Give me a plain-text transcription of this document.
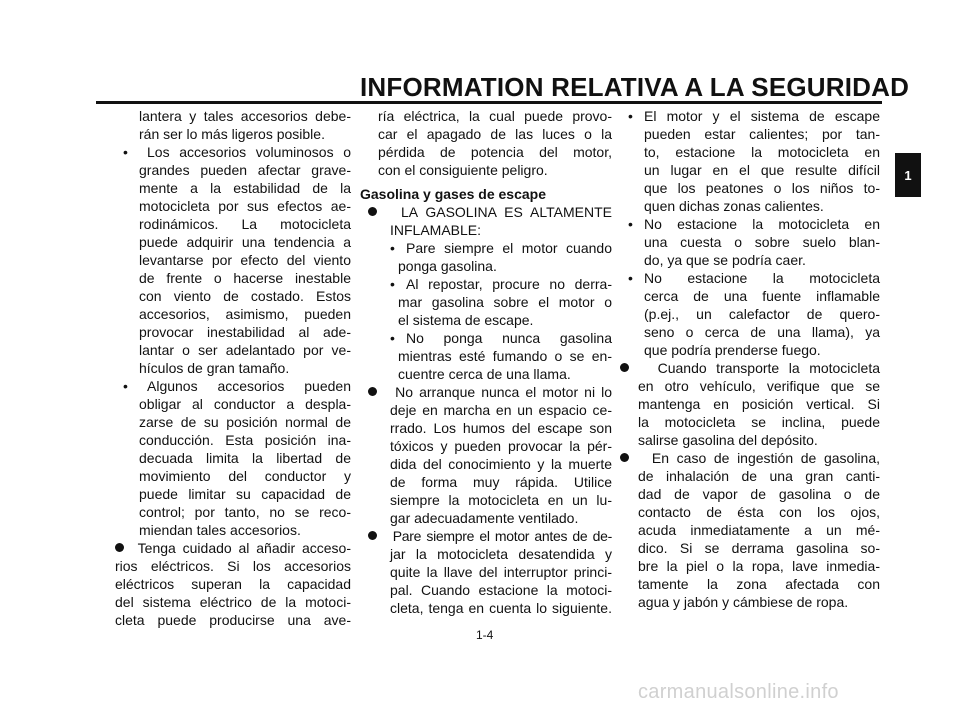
INFORMATION RELATIVA A LA SEGURIDAD
1
lantera y tales accesorios debe-
rán ser lo más ligeros posible.
• Los accesorios voluminosos o
grandes pueden afectar grave-
mente a la estabilidad de la
motocicleta por sus efectos ae-
rodinámicos. La motocicleta
puede adquirir una tendencia a
levantarse por efecto del viento
de frente o hacerse inestable
con viento de costado. Estos
accesorios, asimismo, pueden
provocar inestabilidad al ade-
lantar o ser adelantado por ve-
hículos de gran tamaño.
• Algunos accesorios pueden
obligar al conductor a despla-
zarse de su posición normal de
conducción. Esta posición ina-
decuada limita la libertad de
movimiento del conductor y
puede limitar su capacidad de
control; por tanto, no se reco-
miendan tales accesorios.
Tenga cuidado al añadir acceso-
rios eléctricos. Si los accesorios
eléctricos superan la capacidad
del sistema eléctrico de la motoci-
cleta puede producirse una ave-
ría eléctrica, la cual puede provo-
car el apagado de las luces o la
pérdida de potencia del motor,
con el consiguiente peligro.
Gasolina y gases de escape
LA GASOLINA ES ALTAMENTE
INFLAMABLE:
• Pare siempre el motor cuando
ponga gasolina.
• Al repostar, procure no derra-
mar gasolina sobre el motor o
el sistema de escape.
• No ponga nunca gasolina
mientras esté fumando o se en-
cuentre cerca de una llama.
No arranque nunca el motor ni lo
deje en marcha en un espacio ce-
rrado. Los humos del escape son
tóxicos y pueden provocar la pér-
dida del conocimiento y la muerte
de forma muy rápida. Utilice
siempre la motocicleta en un lu-
gar adecuadamente ventilado.
Pare siempre el motor antes de de-
jar la motocicleta desatendida y
quite la llave del interruptor princi-
pal. Cuando estacione la motoci-
cleta, tenga en cuenta lo siguiente.
• El motor y el sistema de escape
pueden estar calientes; por tan-
to, estacione la motocicleta en
un lugar en el que resulte difícil
que los peatones o los niños to-
quen dichas zonas calientes.
• No estacione la motocicleta en
una cuesta o sobre suelo blan-
do, ya que se podría caer.
• No estacione la motocicleta
cerca de una fuente inflamable
(p.ej., un calefactor de quero-
seno o cerca de una llama), ya
que podría prenderse fuego.
Cuando transporte la motocicleta
en otro vehículo, verifique que se
mantenga en posición vertical. Si
la motocicleta se inclina, puede
salirse gasolina del depósito.
En caso de ingestión de gasolina,
de inhalación de una gran canti-
dad de vapor de gasolina o de
contacto de ésta con los ojos,
acuda inmediatamente a un mé-
dico. Si se derrama gasolina so-
bre la piel o la ropa, lave inmedia-
tamente la zona afectada con
agua y jabón y cámbiese de ropa.
1-4
carmanualsonline.info
